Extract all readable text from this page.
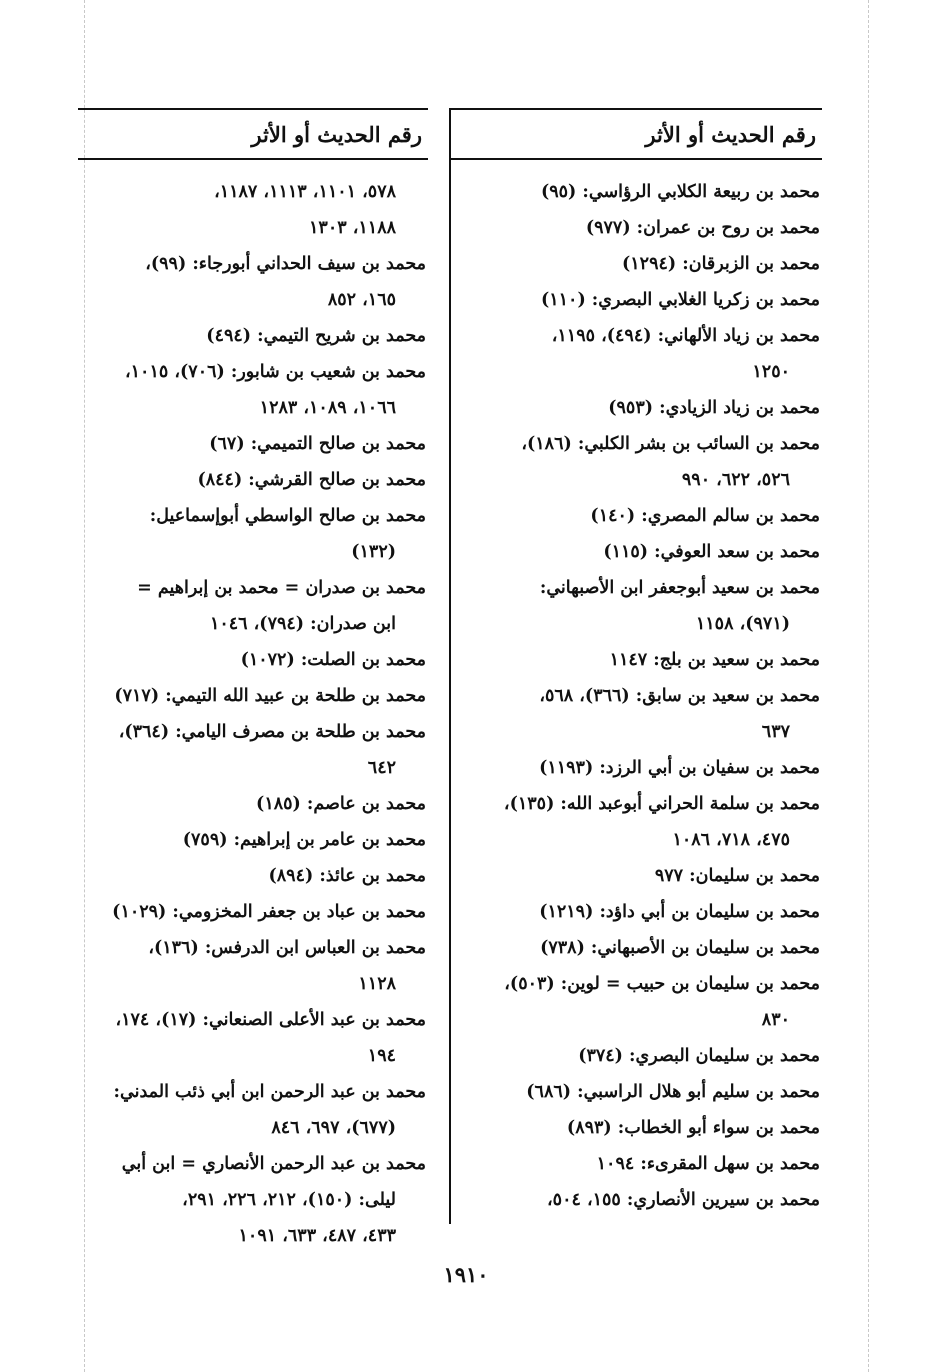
رقم الحديث أو الأثر
محمد بن ربيعة الكلابي الرؤاسي: (٩٥)
محمد بن روح بن عمران: (٩٧٧)
محمد بن الزبرقان: (١٢٩٤)
محمد بن زكريا الغلابي البصري: (١١٠)
محمد بن زياد الألهاني: (٤٩٤)، ١١٩٥،
١٢٥٠
محمد بن زياد الزيادي: (٩٥٣)
محمد بن السائب بن بشر الكلبي: (١٨٦)،
٥٢٦، ٦٢٢، ٩٩٠
محمد بن سالم المصري: (١٤٠)
محمد بن سعد العوفي: (١١٥)
محمد بن سعيد أبوجعفر ابن الأصبهاني:
(٩٧١)، ١١٥٨
محمد بن سعيد بن بلج: ١١٤٧
محمد بن سعيد بن سابق: (٣٦٦)، ٥٦٨،
٦٣٧
محمد بن سفيان بن أبي الرزد: (١١٩٣)
محمد بن سلمة الحراني أبوعبد الله: (١٣٥)،
٤٧٥، ٧١٨، ١٠٨٦
محمد بن سليمان: ٩٧٧
محمد بن سليمان بن أبي داؤد: (١٢١٩)
محمد بن سليمان بن الأصبهاني: (٧٣٨)
محمد بن سليمان بن حبيب = لوين: (٥٠٣)،
٨٣٠
محمد بن سليمان البصري: (٣٧٤)
محمد بن سليم أبو هلال الراسبي: (٦٨٦)
محمد بن سواء أبو الخطاب: (٨٩٣)
محمد بن سهل المقرىء: ١٠٩٤
محمد بن سيرين الأنصاري: ١٥٥، ٥٠٤،
رقم الحديث أو الأثر
٥٧٨، ١١٠١، ١١١٣، ١١٨٧،
١١٨٨، ١٣٠٣
محمد بن سيف الحداني أبورجاء: (٩٩)،
١٦٥، ٨٥٢
محمد بن شريح التيمي: (٤٩٤)
محمد بن شعيب بن شابور: (٧٠٦)، ١٠١٥،
١٠٦٦، ١٠٨٩، ١٢٨٣
محمد بن صالح التميمي: (٦٧)
محمد بن صالح القرشي: (٨٤٤)
محمد بن صالح الواسطي أبوإسماعيل:
(١٣٢)
محمد بن صدران = محمد بن إبراهيم =
ابن صدران: (٧٩٤)، ١٠٤٦
محمد بن الصلت: (١٠٧٢)
محمد بن طلحة بن عبيد الله التيمي: (٧١٧)
محمد بن طلحة بن مصرف اليامي: (٣٦٤)،
٦٤٢
محمد بن عاصم: (١٨٥)
محمد بن عامر بن إبراهيم: (٧٥٩)
محمد بن عائذ: (٨٩٤)
محمد بن عباد بن جعفر المخزومي: (١٠٢٩)
محمد بن العباس ابن الدرفس: (١٣٦)،
١١٢٨
محمد بن عبد الأعلى الصنعاني: (١٧)، ١٧٤،
١٩٤
محمد بن عبد الرحمن ابن أبي ذئب المدني:
(٦٧٧)، ٦٩٧، ٨٤٦
محمد بن عبد الرحمن الأنصاري = ابن أبي
ليلى: (١٥٠)، ٢١٢، ٢٢٦، ٢٩١،
٤٣٣، ٤٨٧، ٦٣٣، ١٠٩١
١٩١٠
